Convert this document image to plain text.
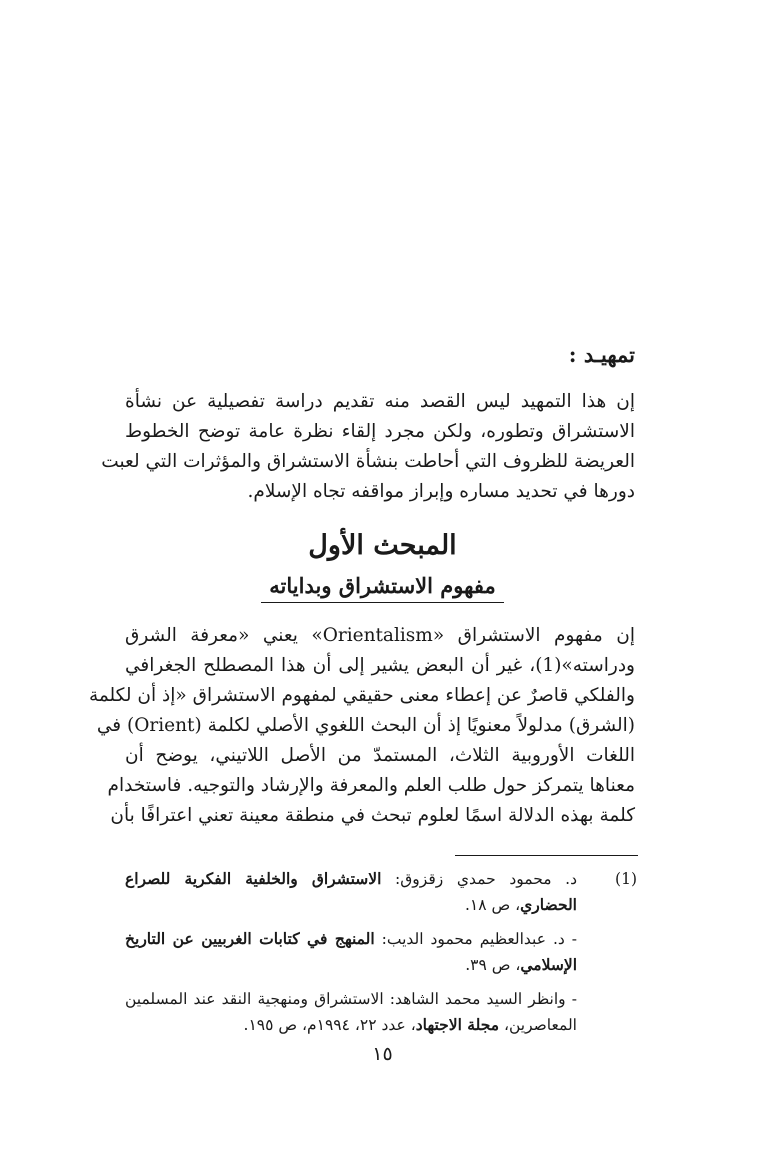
تمهيـد :
إن هذا التمهيد ليس القصد منه تقديم دراسة تفصيلية عن نشأة
الاستشراق وتطوره، ولكن مجرد إلقاء نظرة عامة توضح الخطوط
العريضة للظروف التي أحاطت بنشأة الاستشراق والمؤثرات التي لعبت
دورها في تحديد مساره وإبراز مواقفه تجاه الإسلام.
المبحث الأول
مفهوم الاستشراق وبداياته
إن مفهوم الاستشراق «Orientalism» يعني «معرفة الشرق
ودراسته»(1)، غير أن البعض يشير إلى أن هذا المصطلح الجغرافي
والفلكي قاصرٌ عن إعطاء معنى حقيقي لمفهوم الاستشراق «إذ أن لكلمة
(الشرق) مدلولاً معنويًا إذ أن البحث اللغوي الأصلي لكلمة (Orient) في
اللغات الأوروبية الثلاث، المستمدّ من الأصل اللاتيني، يوضح أن
معناها يتمركز حول طلب العلم والمعرفة والإرشاد والتوجيه. فاستخدام
كلمة بهذه الدلالة اسمًا لعلوم تبحث في منطقة معينة تعني اعترافًا بأن
(1)
د. محمود حمدي زقزوق: الاستشراق والخلفية الفكرية للصراع الحضاري، ص ١٨.
- د. عبدالعظيم محمود الديب: المنهج في كتابات الغربيين عن التاريخ الإسلامي، ص ٣٩.
- وانظر السيد محمد الشاهد: الاستشراق ومنهجية النقد عند المسلمين المعاصرين، مجلة الاجتهاد، عدد ٢٢، ١٩٩٤م، ص ١٩٥.
١٥
